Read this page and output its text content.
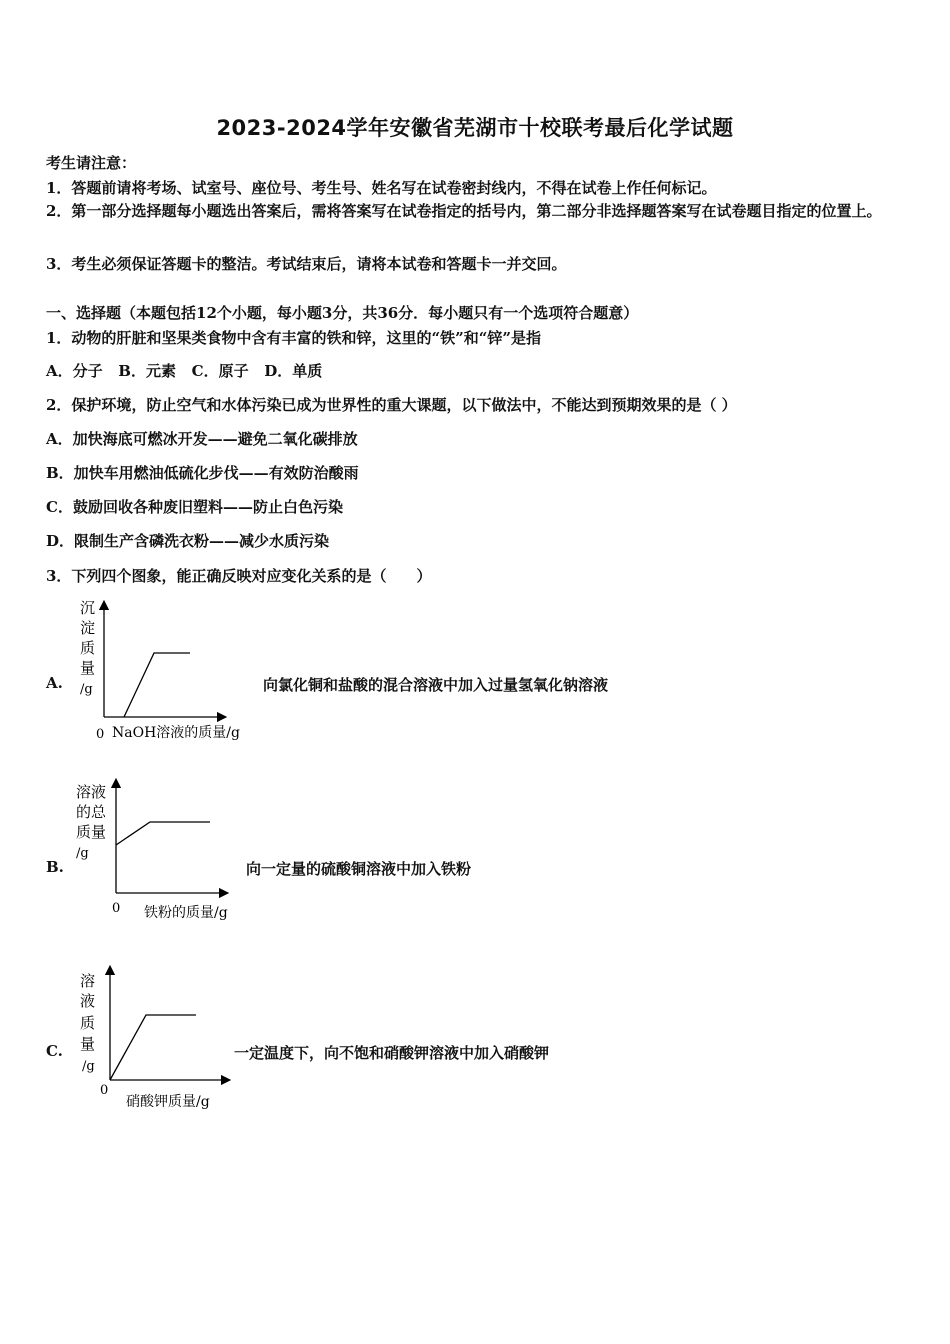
2023-2024学年安徽省芜湖市十校联考最后化学试题
考生请注意：
1．答题前请将考场、试室号、座位号、考生号、姓名写在试卷密封线内，不得在试卷上作任何标记。
2．第一部分选择题每小题选出答案后，需将答案写在试卷指定的括号内，第二部分非选择题答案写在试卷题目指定的位置上。
3．考生必须保证答题卡的整洁。考试结束后，请将本试卷和答题卡一并交回。
一、选择题（本题包括12个小题，每小题3分，共36分．每小题只有一个选项符合题意）
1．动物的肝脏和坚果类食物中含有丰富的铁和锌，这里的“铁”和“锌”是指
A．分子   B．元素   C．原子   D．单质
2．保护环境，防止空气和水体污染已成为世界性的重大课题，以下做法中，不能达到预期效果的是（ ）
A．加快海底可燃冰开发——避免二氧化碳排放
B．加快车用燃油低硫化步伐——有效防治酸雨
C．鼓励回收各种废旧塑料——防止白色污染
D．限制生产含磷洗衣粉——减少水质污染
3．下列四个图象，能正确反映对应变化关系的是（　　）
A.
沉
淀
质
量
/g
0 NaOH溶液的质量/g
向氯化铜和盐酸的混合溶液中加入过量氢氧化钠溶液
B.
溶液
的总
质量
/g
0 铁粉的质量/g
向一定量的硫酸铜溶液中加入铁粉
C.
溶
液
质
量
/g
0
硝酸钾质量/g
一定温度下，向不饱和硝酸钾溶液中加入硝酸钾
